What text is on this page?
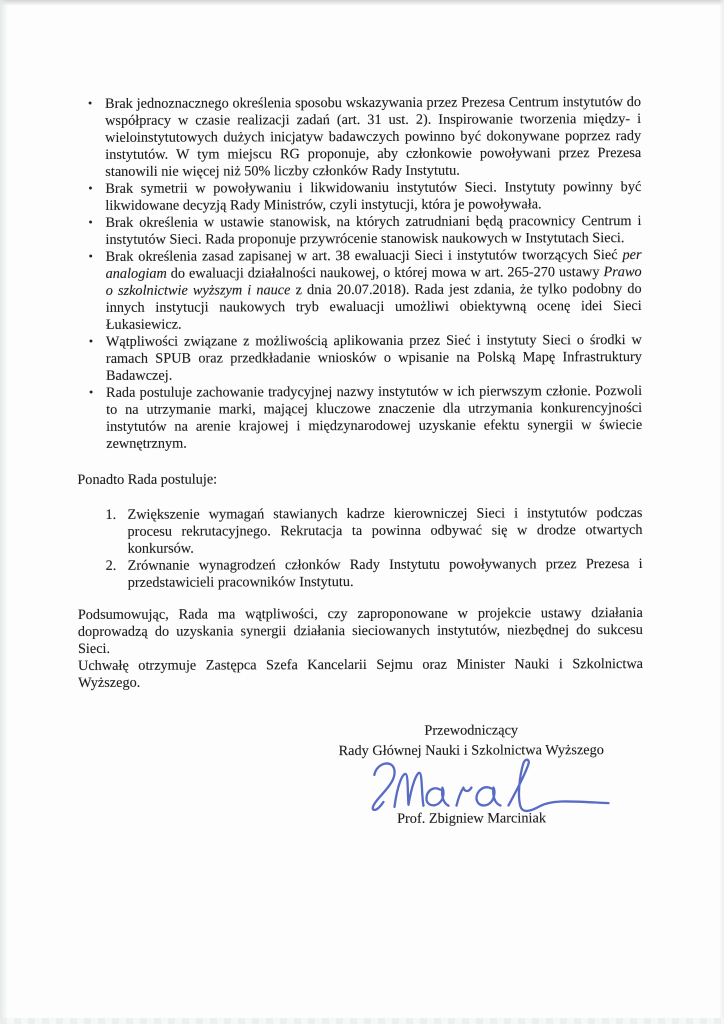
• Brak jednoznacznego określenia sposobu wskazywania przez Prezesa Centrum instytutów do współpracy w czasie realizacji zadań (art. 31 ust. 2). Inspirowanie tworzenia między- i wieloinstytutowych dużych inicjatyw badawczych powinno być dokonywane poprzez rady instytutów. W tym miejscu RG proponuje, aby członkowie powoływani przez Prezesa stanowili nie więcej niż 50% liczby członków Rady Instytutu.
• Brak symetrii w powoływaniu i likwidowaniu instytutów Sieci. Instytuty powinny być likwidowane decyzją Rady Ministrów, czyli instytucji, która je powoływała.
• Brak określenia w ustawie stanowisk, na których zatrudniani będą pracownicy Centrum i instytutów Sieci. Rada proponuje przywrócenie stanowisk naukowych w Instytutach Sieci.
• Brak określenia zasad zapisanej w art. 38 ewaluacji Sieci i instytutów tworzących Sieć per analogiam do ewaluacji działalności naukowej, o której mowa w art. 265-270 ustawy Prawo o szkolnictwie wyższym i nauce z dnia 20.07.2018). Rada jest zdania, że tylko podobny do innych instytucji naukowych tryb ewaluacji umożliwi obiektywną ocenę idei Sieci Łukasiewicz.
• Wątpliwości związane z możliwością aplikowania przez Sieć i instytuty Sieci o środki w ramach SPUB oraz przedkładanie wniosków o wpisanie na Polską Mapę Infrastruktury Badawczej.
• Rada postuluje zachowanie tradycyjnej nazwy instytutów w ich pierwszym członie. Pozwoli to na utrzymanie marki, mającej kluczowe znaczenie dla utrzymania konkurencyjności instytutów na arenie krajowej i międzynarodowej uzyskanie efektu synergii w świecie zewnętrznym.

Ponadto Rada postuluje:

1. Zwiększenie wymagań stawianych kadrze kierowniczej Sieci i instytutów podczas procesu rekrutacyjnego. Rekrutacja ta powinna odbywać się w drodze otwartych konkursów.
2. Zrównanie wynagrodzeń członków Rady Instytutu powoływanych przez Prezesa i przedstawicieli pracowników Instytutu.

Podsumowując, Rada ma wątpliwości, czy zaproponowane w projekcie ustawy działania doprowadzą do uzyskania synergii działania sieciowanych instytutów, niezbędnej do sukcesu Sieci.

Uchwałę otrzymuje Zastępca Szefa Kancelarii Sejmu oraz Minister Nauki i Szkolnictwa Wyższego.

Przewodniczący
Rady Głównej Nauki i Szkolnictwa Wyższego
Prof. Zbigniew Marciniak
